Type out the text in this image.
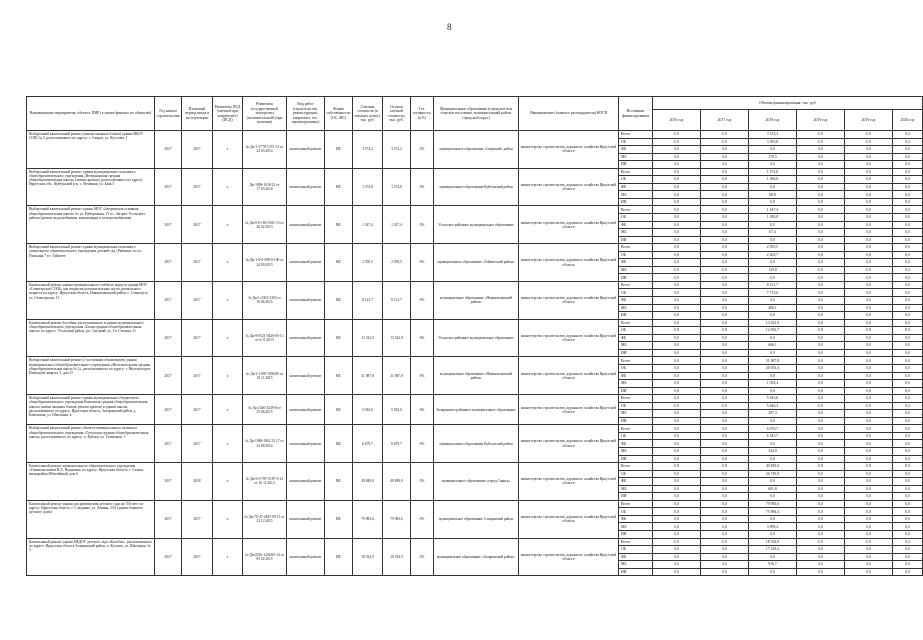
8
Наименование мероприятия, объекта, ПИР (в увязке финансо во объектам)	Год начала строительства	Плановый период ввода в эксплуатацию	Реквизиты ПСД (сметной при капремонте) (ПСД)	Реквизиты государственной экспертизы (положительной) (при наличии)	Вид работ (строительство, реконструкция, капремонт, тех. перевооружение)	Форма собственности (ОС, МС)	Сметная стоимость (в текущих ценах), тыс. руб.	Остаток сметной стоимости, тыс. руб.	Тех. готовность, (в %)	Муниципальное образование (городское или сельское поселение, муниципальный район, городской округ)	Наименование (главного распорядителя) НОГВ	Источники финансирования	Объемы финансирования, тыс. руб					
													2016 год	2017 год	2018 год	2019 год	2019 год	2020 год
Выборочный капитальный ремонт (замена оконных блоков) здания МБОУ СОШ № 2, расположенного по адресу: г. Свирск, ул. Кутузова, 2	2017	2017	х	№ Дн-1-1778-1573-13 от 24.03.2014	капитальный ремонт	МС	3 574,2	3 574,2	0%	муниципальное образование «Свирский» район	министерство строительства, дорожного хозяйства Иркутской области	Всего	0,0	0,0	3 574,3	0,0	0,0	0,0
												ОБ	0,0	0,0	3 395,8	0,0	0,0	0,0
												ФБ	0,0	0,0	0,0	0,0	0,0	0,0
												МБ	0,0	0,0	178,5	0,0	0,0	0,0
												ИИ	0,0	0,0	0,0	0,0	0,0	0,0
Выборочный капитальный ремонт здания муниципального казенного общеобразовательного учреждения «Вечернинская средняя общеобразовательная школа» (замена кровли), расположенного по адресу: Иркутская обл., Куйтунский р-н, с. Вечерняя, ул. Баяк 5	2017	2017	х	Дн-1098-1616/12 от 17.03.2014	капитальный ремонт	МС	1 374,8	1 374,8	0%	муниципальное образование Куйтунский район	министерство строительства, дорожного хозяйства Иркутской области	Всего	0,0	0,0	1 374,8	0,0	0,0	0,0
												ОБ	0,0	0,0	1 306,0	0,0	0,0	0,0
												ФБ	0,0	0,0	0,0	0,0	0,0	0,0
												МБ	0,0	0,0	68,8	0,0	0,0	0,0
												ИИ	0,0	0,0	0,0	0,0	0,0	0,0
Выборочный капитальный ремонт здания МОУ «Загоринская основная общеобразовательная школа» по ул. Набережная, 15 в с. Загорье Усольского района (ремонт водоснабжения, канализации и электроснабжения)	2017	2017	х	№ Дн-0-0-183-0181-13 от 20.02.2013	капитальный ремонт	МС	1 347,4	1 347,4	0%	Усольское районное муниципальное образование	министерство строительства, дорожного хозяйства Иркутской области	Всего	0,0	0,0	1 347,4	0,0	0,0	0,0
												ОБ	0,0	0,0	1 280,0	0,0	0,0	0,0
												ФБ	0,0	0,0	0,0	0,0	0,0	0,0
												МБ	0,0	0,0	67,4	0,0	0,0	0,0
												ИИ	0,0	0,0	0,0	0,0	0,0	0,0
Выборочный капитальный ремонт здания муниципального казенного дошкольного образовательного учреждения детский сад «Рябинка» по ул. Пушкина 7 в г. Тайшете	2017	2017	х	№ Дн-1-0-0-598-0-100 от 24.09.2013	капитальный ремонт	МС	2 595,5	2 595,5	0%	муниципальное образование «Тайшетский район»	министерство строительства, дорожного хозяйства Иркутской области	Всего	0,0	0,0	2 595,5	0,0	0,0	0,0
												ОБ	0,0	0,0	2 465,7	0,0	0,0	0,0
												ФБ	0,0	0,0	0,0	0,0	0,0	0,0
												МБ	0,0	0,0	129,8	0,0	0,0	0,0
												ИИ	0,0	0,0	0,0	0,0	0,0	0,0
Капитальный ремонт здания муниципального учебного корпуса здания МОУ «Семигорская СОШ» для открытия дополнительных групп дошкольного возраста по адресу: Иркутская область, Нижнеилимский район, с. Семигорск, ул. Семигорская, 15	2017	2017	х	№ Дн-1-2301-3303 от 10.06.2015	капитальный ремонт	МС	8 121,7	8 121,7	0%	муниципальное образование «Нижнеилимский район»	министерство строительства, дорожного хозяйства Иркутской области	Всего	0,0	0,0	8 121,7	0,0	0,0	0,0
												ОБ	0,0	0,0	7 715,6	0,0	0,0	0,0
												ФБ	0,0	0,0	0,0	0,0	0,0	0,0
												МБ	0,0	0,0	406,1	0,0	0,0	0,0
												ИИ	0,0	0,0	0,0	0,0	0,0	0,0
Капитальный ремонт бассейна, расположенного в здании муниципального общеобразовательного учреждения «Белая средняя общеобразовательная школа» по адресу: Усольский район, р.п. Средний, ул. 3-я Степная, 11	2017	2017	х	№ Дн-0-0521-0426-05-13 от 6.11.2013	капитальный ремонт	МС	13 322,9	13 322,9	0%	Усольское районное муниципальное образование	министерство строительства, дорожного хозяйства Иркутской области	Всего	0,0	0,0	13 322,9	0,0	0,0	0,0
												ОБ	0,0	0,0	12 656,7	0,0	0,0	0,0
												ФБ	0,0	0,0	0,0	0,0	0,0	0,0
												МБ	0,0	0,0	666,1	0,0	0,0	0,0
												ИИ	0,0	0,0	0,0	0,0	0,0	0,0
Выборочный капитальный ремонт (с частичным обновлением) здания муниципального общеобразовательного учреждения «Железногорская средняя общеобразовательная школа № 1», расположенного по адресу: г. Железногорск-Илимский, квартал 3, дом 37	2017	2017	х	№ Дн-1-1108-1596/00 от 16.11.2015	капитальный ремонт	МС	21 087,8	21 087,8	0%	муниципальное образование «Нижнеилимский район»	министерство строительства, дорожного хозяйства Иркутской области	Всего	0,0	0,0	21 087,8	0,0	0,0	0,0
												ОБ	0,0	0,0	20 033,4	0,0	0,0	0,0
												ФБ	0,0	0,0	0,0	0,0	0,0	0,0
												МБ	0,0	0,0	1 054,4	0,0	0,0	0,0
												ИИ	0,0	0,0	0,0	0,0	0,0	0,0
Выборочный капитальный ремонт здания муниципального бюджетного общеобразовательного учреждения Каменская средняя общеобразовательная школа (замена оконных блоков, ремонт кровли) в здании школы, расположенного по адресу: Иркутская область, Заларинский район, д. Каменская, ул. Школьная, 4	2017	2017	х	№ Дн-2340-2349-0 от 25.06.2015	капитальный ремонт	МС	5 943,6	5 943,6	0%	Заларинское районное муниципальное образование	министерство строительства, дорожного хозяйства Иркутской области	Всего	0,0	0,0	5 943,6	0,0	0,0	0,0
												ОБ	0,0	0,0	5 646,3	0,0	0,0	0,0
												МБ	0,0	0,0	297,3	0,0	0,0	0,0
												ИИ	0,0	0,0	0,0	0,0	0,0	0,0
Выборочный капитальный ремонт объекта муниципального казенного общеобразовательного учреждения «Тулунская средняя общеобразовательная школа» расположенного по адресу: п. Куйтун, ул. Тупиковая, 1	2017	2017	х	№ Дн-1968-1902 12 17 от 22.08.2014	капитальный ремонт	МС	6 679,7	6 679,7	0%	муниципальное образование Куйтунский район	министерство строительства, дорожного хозяйства Иркутской области	Всего	0,0	0,0	6 679,7	0,0	0,0	0,0
												ОБ	0,0	0,0	6 345,7	0,0	0,0	0,0
												ФБ	0,0	0,0	0,0	0,0	0,0	0,0
												МБ	0,0	0,0	334,0	0,0	0,0	0,0
												ИИ	0,0	0,0	0,0	0,0	0,0	0,0
Капитальный ремонт муниципального образовательного учреждения «Гимназия имени В.А. Надькина» по адресу: Иркутская область, г. Саянск, микрорайон Юбилейный, дом 6	2017	2018	х	№ Дн-0-0-787-5187-0-14 от 10.11.2014	капитальный ремонт	МС	49 849,0	49 849,0	0%	муниципальное образование «город Саянск»	министерство строительства, дорожного хозяйства Иркутской области	Всего	0,0	0,0	49 849,0	0,0	0,0	0,0
												ОБ	0,0	0,0	26 749,8	0,0	0,0	0,0
												ФБ	0,0	0,0	0,0	0,0	0,0	0,0
												МБ	0,0	0,0	681,8	0,0	0,0	0,0
												ИИ	0,0	0,0	0,0	0,0	0,0	0,0
Капитальный ремонт здания для размещения детского сада на 150 мест по адресу: Иркутская область, г. Слюдянка, ул. Ленина, 23А (здание бывшего детского дома)	2017	2017	х	№ Дн-78-47-2847-09 15 от 22.12.2015	капитальный ремонт	МС	79 983,6	79 983,6	0%	муниципальное образование Слюдянский район	министерство строительства, дорожного хозяйства Иркутской области	Всего	0,0	0,0	79 983,6	0,0	0,0	0,0
												ОБ	0,0	0,0	75 984,4	0,0	0,0	0,0
												ФБ	0,0	0,0	0,0	0,0	0,0	0,0
												МБ	0,0	0,0	3 999,2	0,0	0,0	0,0
												ИИ	0,0	0,0	0,0	0,0	0,0	0,0
Капитальный ремонт здания МБДОУ детского сада «Колобок», расположенного по адресу: Иркутская область Заларинский район, п. Кутулик, ул. Школьная, № 5	2017	2017	х	№ Дн-2256-1254/00-14 от 09.02.2015	капитальный ремонт	МС	18 334,9	18 334,9	0%	муниципальное образование «Заларинский район»	министерство строительства, дорожного хозяйства Иркутской области	Всего	0,0	0,0	18 334,9	0,0	0,0	0,0
												ОБ	0,0	0,0	17 418,2	0,0	0,0	0,0
												ФБ	0,0	0,0	0,0	0,0	0,0	0,0
												МБ	0,0	0,0	916,7	0,0	0,0	0,0
												ИИ	0,0	0,0	0,0	0,0	0,0	0,0
